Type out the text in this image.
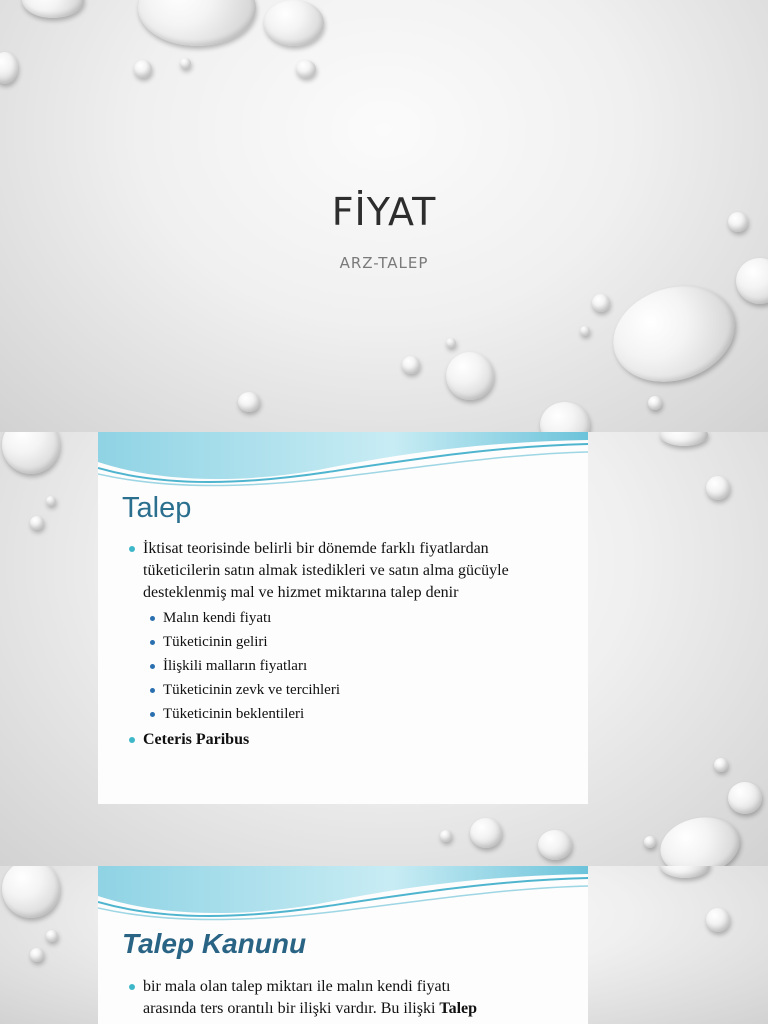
FİYAT
ARZ-TALEP
Talep
İktisat teorisinde belirli bir dönemde farklı fiyatlardan tüketicilerin satın almak istedikleri ve satın alma gücüyle desteklenmiş mal ve hizmet miktarına talep denir
Malın kendi fiyatı
Tüketicinin geliri
İlişkili malların fiyatları
Tüketicinin zevk ve tercihleri
Tüketicinin beklentileri
Ceteris Paribus
Talep Kanunu
bir mala olan talep miktarı ile malın kendi fiyatı
arasında ters orantılı bir ilişki vardır. Bu ilişki Talep
